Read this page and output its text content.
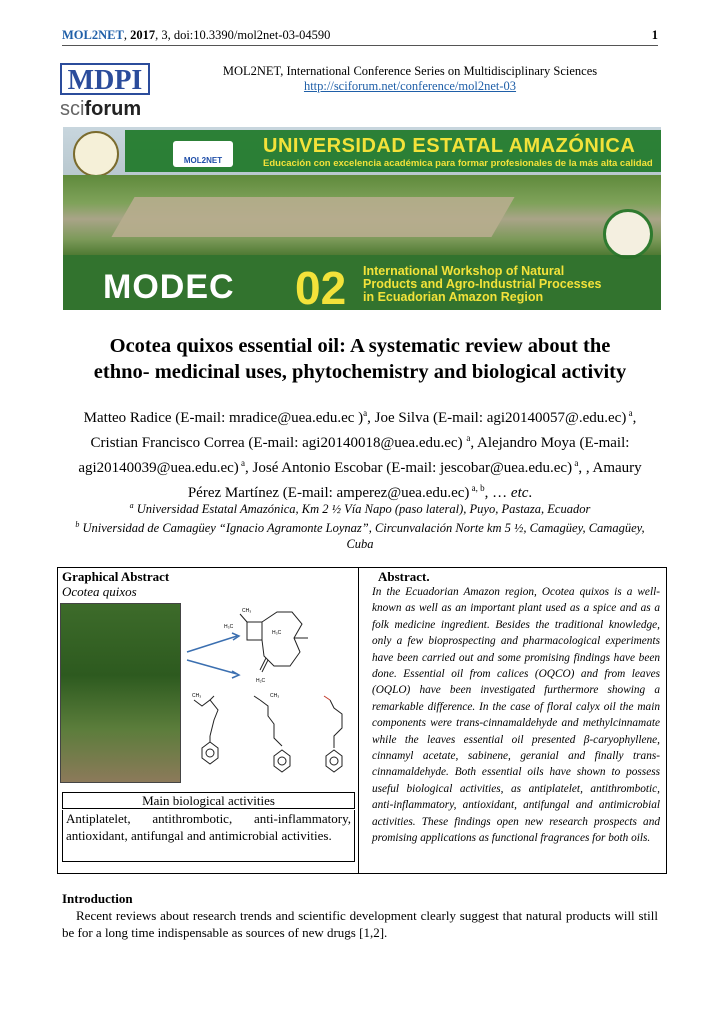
MOL2NET, 2017, 3, doi:10.3390/mol2net-03-04590	1
MDPI
sciforum
MOL2NET, International Conference Series on Multidisciplinary Sciences
http://sciforum.net/conference/mol2net-03
MOL2NET
UNIVERSIDAD ESTATAL AMAZÓNICA
Educación con excelencia académica para formar profesionales de la más alta calidad
MODEC 02 International Workshop of Natural
Products and Agro-Industrial Processes
in Ecuadorian Amazon Region
Ocotea quixos essential oil: A systematic review about the
ethno- medicinal uses, phytochemistry and biological activity
Matteo Radice (E-mail: mradice@uea.edu.ec )$^a$, Joe Silva (E-mail: agi20140057@.edu.ec) $^a$, Cristian Francisco Correa (E-mail: agi20140018@uea.edu.ec) $^a$, Alejandro Moya (E-mail: agi20140039@uea.edu.ec) $^a$, José Antonio Escobar (E-mail: jescobar@uea.edu.ec) $^a$, , Amaury Pérez Martínez (E-mail: amperez@uea.edu.ec) $^{a, b}$, … etc.
$^a$ Universidad Estatal Amazónica, Km 2 ½ Vía Napo (paso lateral), Puyo, Pastaza, Ecuador
$^b$ Universidad de Camagüey “Ignacio Agramonte Loynaz”, Circunvalación Norte km 5 ½, Camagüey, Camagüey, Cuba
Graphical Abstract
Ocotea quixos
CH₃
H₃C
H₃C
H₂C
CH₃	CH₃
Main biological activities
Antiplatelet, antithrombotic, anti-inflammatory, antioxidant, antifungal and antimicrobial activities.
Abstract.
In the Ecuadorian Amazon region, Ocotea quixos is a well-known as well as an important plant used as a spice and as a folk medicine ingredient. Besides the traditional knowledge, only a few bioprospecting and pharmacological experiments have been carried out and some promising findings have been done. Essential oil from calices (OQCO) and from leaves (OQLO) have been investigated furthermore showing a remarkable difference. In the case of floral calyx oil the main components were trans-cinnamaldehyde and methylcinnamate while the leaves essential oil presented β-caryophyllene, cinnamyl acetate, sabinene, geranial and finally trans-cinnamaldehyde. Both essential oils have shown to possess useful biological activities, as antiplatelet, antithrombotic, anti-inflammatory, antioxidant, antifungal and antimicrobial activities. These findings open new research prospects and promising applications as functional fragrances for both oils.
Introduction
Recent reviews about research trends and scientific development clearly suggest that natural products will still be for a long time indispensable as sources of new drugs [1,2].
